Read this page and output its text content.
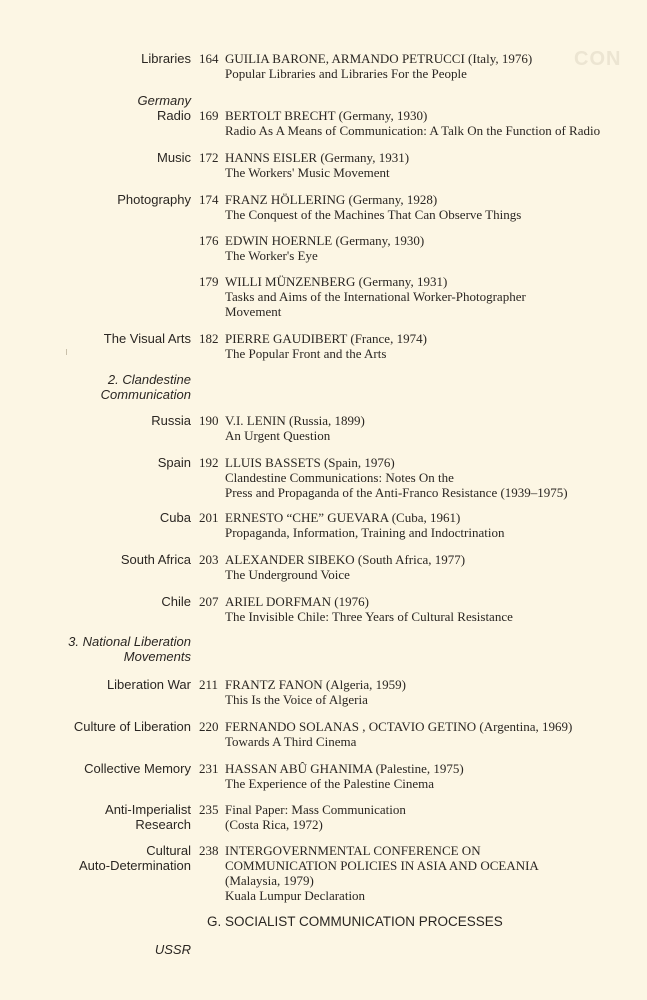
CON
Libraries 164 GUILIA BARONE, ARMANDO PETRUCCI (Italy, 1976)
Popular Libraries and Libraries For the People
Germany
Radio 169 BERTOLT BRECHT (Germany, 1930)
Radio As A Means of Communication: A Talk On the Function of Radio
Music 172 HANNS EISLER (Germany, 1931)
The Workers' Music Movement
Photography 174 FRANZ HÖLLERING (Germany, 1928)
The Conquest of the Machines That Can Observe Things
176 EDWIN HOERNLE (Germany, 1930)
The Worker's Eye
179 WILLI MÜNZENBERG (Germany, 1931)
Tasks and Aims of the International Worker-Photographer
Movement
The Visual Arts 182 PIERRE GAUDIBERT (France, 1974)
The Popular Front and the Arts
2. Clandestine
Communication
Russia 190 V.I. LENIN (Russia, 1899)
An Urgent Question
Spain 192 LLUIS BASSETS (Spain, 1976)
Clandestine Communications: Notes On the
Press and Propaganda of the Anti-Franco Resistance (1939–1975)
Cuba 201 ERNESTO “CHE” GUEVARA (Cuba, 1961)
Propaganda, Information, Training and Indoctrination
South Africa 203 ALEXANDER SIBEKO (South Africa, 1977)
The Underground Voice
Chile 207 ARIEL DORFMAN (1976)
The Invisible Chile: Three Years of Cultural Resistance
3. National Liberation
Movements
Liberation War 211 FRANTZ FANON (Algeria, 1959)
This Is the Voice of Algeria
Culture of Liberation 220 FERNANDO SOLANAS , OCTAVIO GETINO (Argentina, 1969)
Towards A Third Cinema
Collective Memory 231 HASSAN ABÛ GHANIMA (Palestine, 1975)
The Experience of the Palestine Cinema
Anti-Imperialist
Research
235 Final Paper: Mass Communication
(Costa Rica, 1972)
Cultural
Auto-Determination
238 INTERGOVERNMENTAL CONFERENCE ON
COMMUNICATION POLICIES IN ASIA AND OCEANIA
(Malaysia, 1979)
Kuala Lumpur Declaration
G. SOCIALIST COMMUNICATION PROCESSES
USSR
